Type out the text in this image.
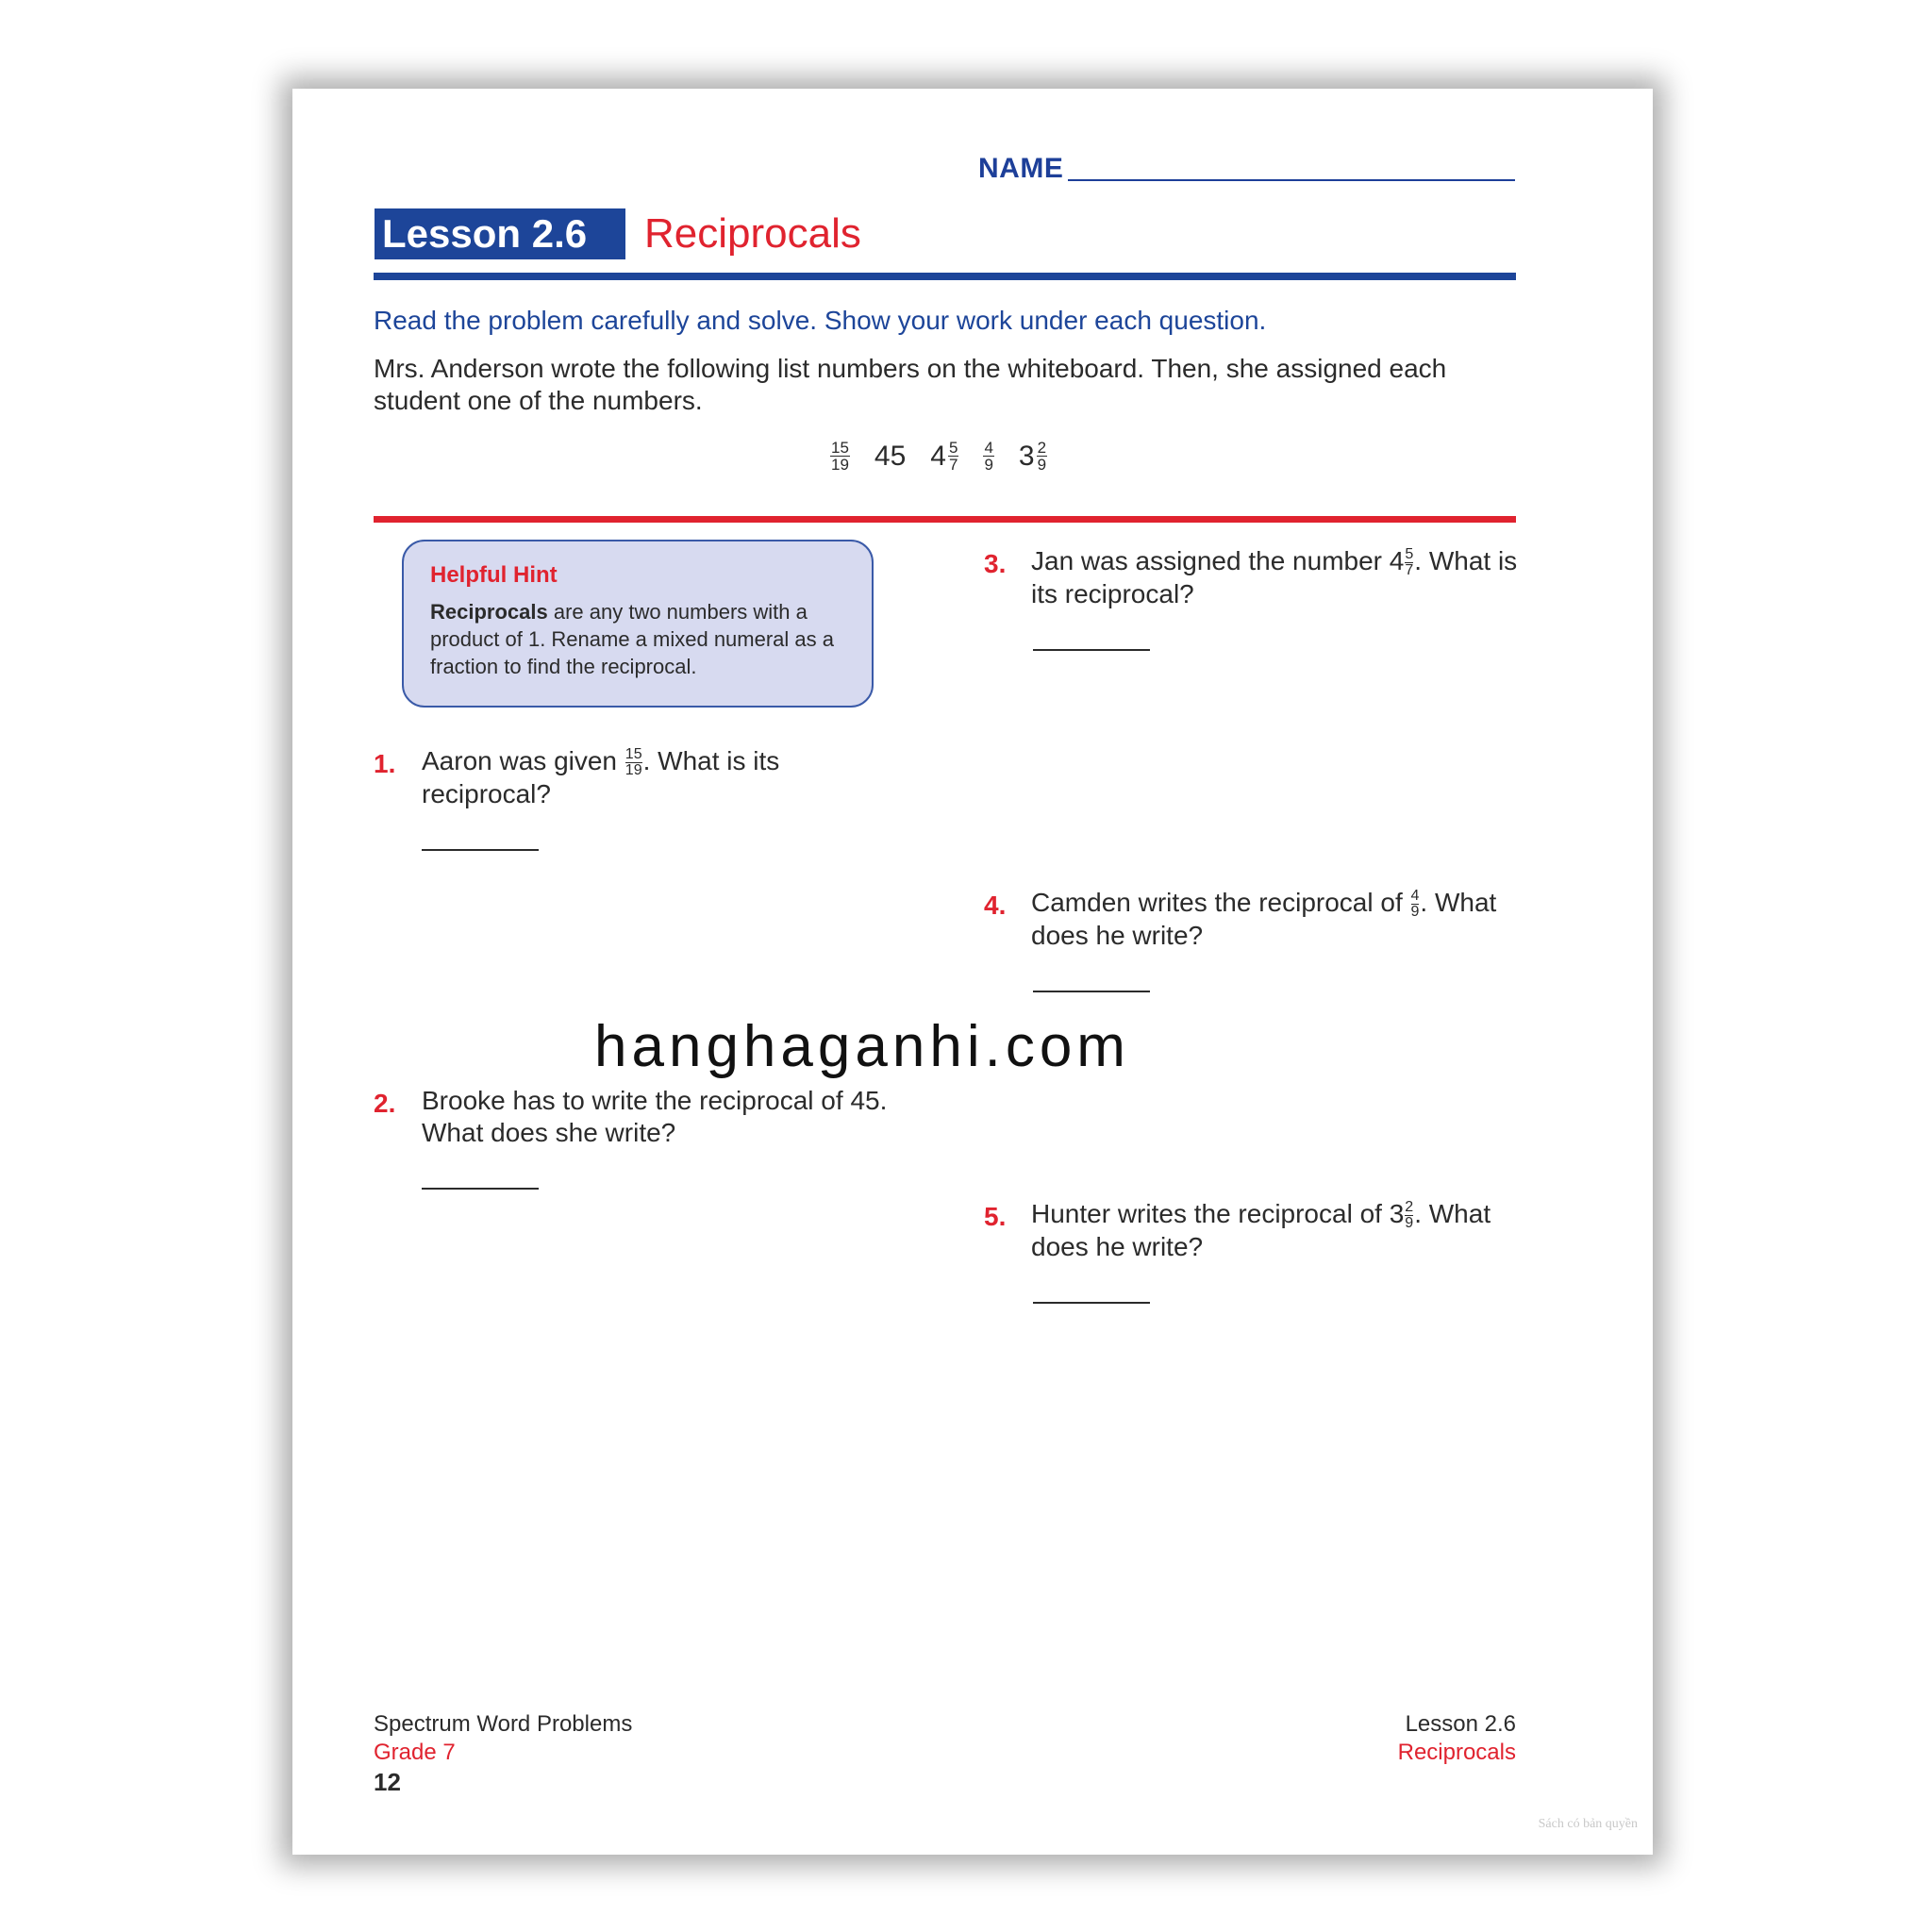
NAME
Lesson 2.6	Reciprocals
Read the problem carefully and solve. Show your work under each question.
Mrs. Anderson wrote the following list numbers on the whiteboard. Then, she assigned each student one of the numbers.
$\frac{15}{19} 45$ $4 \frac{5}{7} \frac{4}{9} 3 \frac{2}{9}$
Helpful Hint
Reciprocals are any two numbers with a product of 1. Rename a mixed numeral as a fraction to find the reciprocal.
1. Aaron was given $\frac{15}{19}$ . What is its reciprocal?
2. Brooke has to write the reciprocal of 45. What does she write?
3. Jan was assigned the number $4 \frac{5}{7}$ . What is its reciprocal?
4. Camden writes the reciprocal of $\frac{4}{9}$ . What does he write?
5. Hunter writes the reciprocal of $3 \frac{2}{9}$ . What does he write?
hanghaganhi.com
Spectrum Word Problems
Grade 7
12
Lesson 2.6
Reciprocals
Sách có bản quyền
